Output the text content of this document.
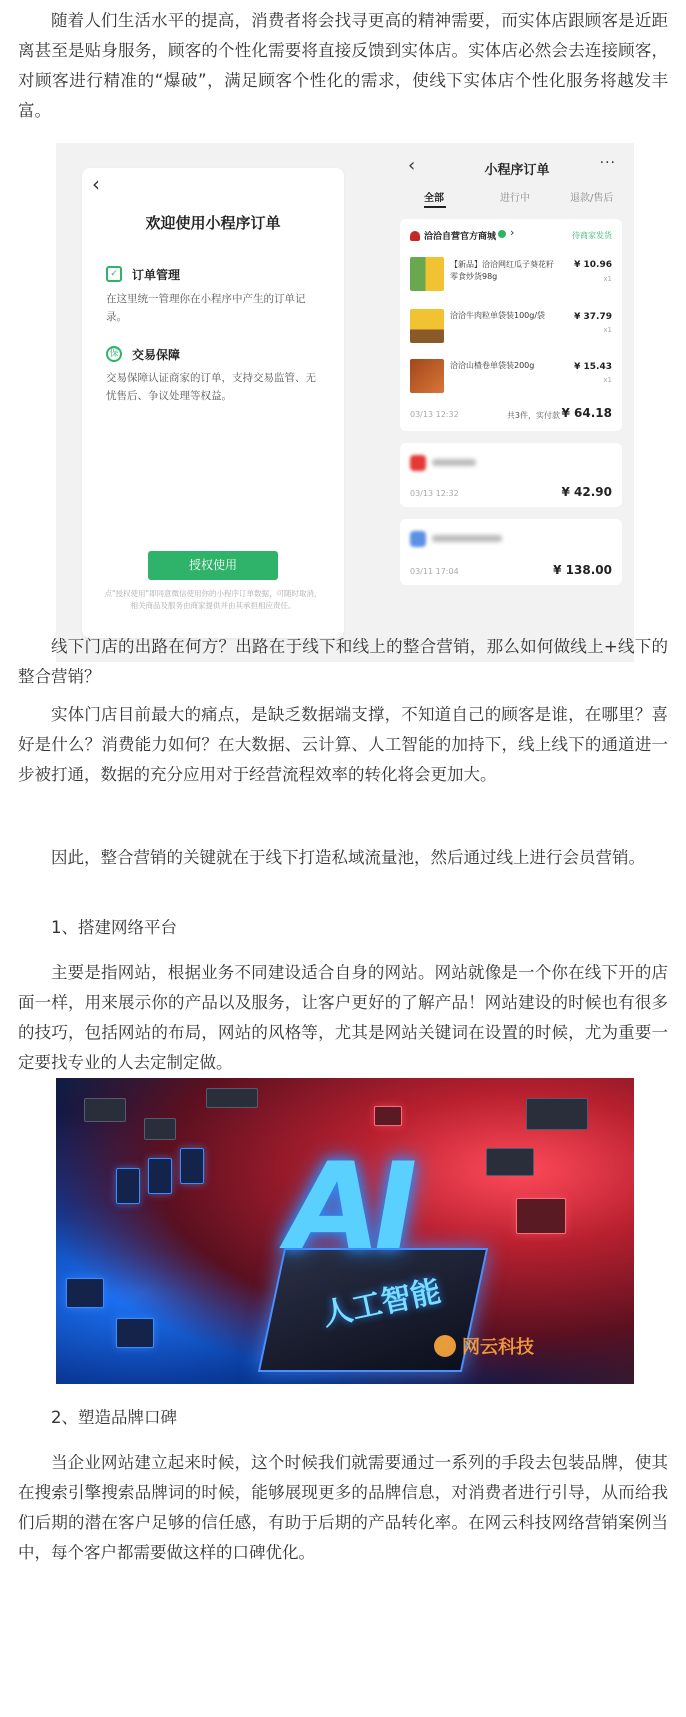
随着人们生活水平的提高，消费者将会找寻更高的精神需要，而实体店跟顾客是近距离甚至是贴身服务，顾客的个性化需要将直接反馈到实体店。实体店必然会去连接顾客，对顾客进行精准的“爆破”，满足顾客个性化的需求，使线下实体店个性化服务将越发丰富。

‹
欢迎使用小程序订单
✓	订单管理
在这里统一管理你在小程序中产生的订单记录。
保 交易保障
交易保障认证商家的订单，支持交易监管、无忧售后、争议处理等权益。
授权使用
点"授权使用"即同意微信使用你的小程序订单数据，可随时取消，相关商品及服务由商家提供并由其承担相应责任。
‹	小程序订单	···
全部	进行中	退款/售后
洽洽自营官方商城 ›	待商家发货
【新品】洽洽网红瓜子葵花籽零食炒货98g
¥ 10.96
x1
洽洽牛肉粒单袋装100g/袋	¥ 37.79
x1
洽洽山楂卷单袋装200g	¥ 15.43
x1
03/13 12:32	共3件，实付款 ¥ 64.18
03/13 12:32	¥ 42.90
03/11 17:04	¥ 138.00

线下门店的出路在何方？出路在于线下和线上的整合营销，那么如何做线上+线下的整合营销？

实体门店目前最大的痛点，是缺乏数据端支撑，不知道自己的顾客是谁，在哪里？喜好是什么？消费能力如何？在大数据、云计算、人工智能的加持下，线上线下的通道进一步被打通，数据的充分应用对于经营流程效率的转化将会更加大。

因此，整合营销的关键就在于线下打造私域流量池，然后通过线上进行会员营销。

1、搭建网络平台

主要是指网站，根据业务不同建设适合自身的网站。网站就像是一个你在线下开的店面一样，用来展示你的产品以及服务，让客户更好的了解产品！网站建设的时候也有很多的技巧，包括网站的布局，网站的风格等，尤其是网站关键词在设置的时候，尤为重要一定要找专业的人去定制定做。

AI
人工智能
网云科技

2、塑造品牌口碑

当企业网站建立起来时候，这个时候我们就需要通过一系列的手段去包装品牌，使其在搜索引擎搜索品牌词的时候，能够展现更多的品牌信息，对消费者进行引导，从而给我们后期的潜在客户足够的信任感，有助于后期的产品转化率。在网云科技网络营销案例当中，每个客户都需要做这样的口碑优化。
